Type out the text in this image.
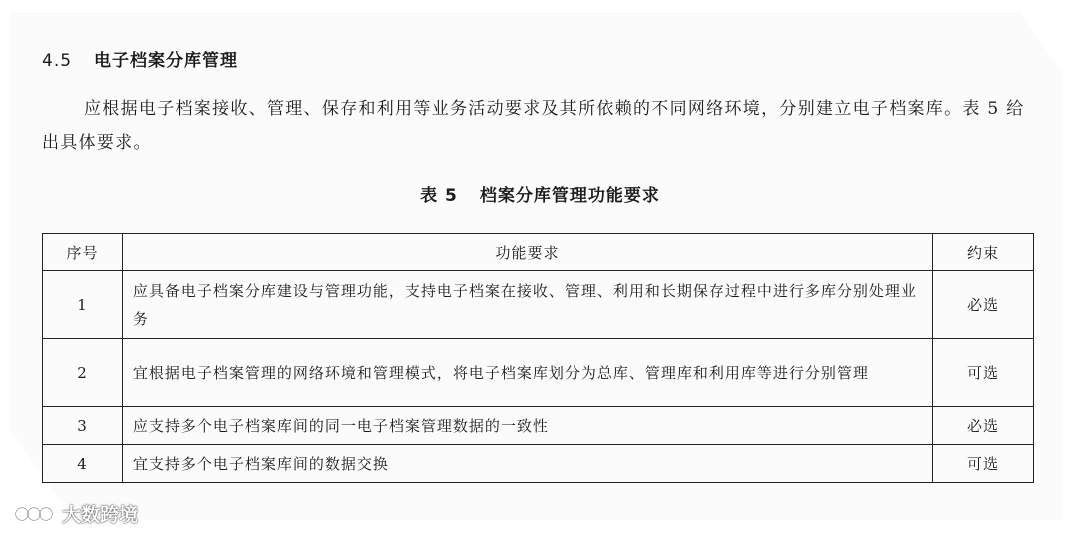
4.5 电子档案分库管理

应根据电子档案接收、管理、保存和利用等业务活动要求及其所依赖的不同网络环境，分别建立电子档案库。表 5 给出具体要求。

表 5 档案分库管理功能要求
序号	功能要求	约束
1	应具备电子档案分库建设与管理功能，支持电子档案在接收、管理、利用和长期保存过程中进行多库分别处理业务	必选
2	宜根据电子档案管理的网络环境和管理模式，将电子档案库划分为总库、管理库和利用库等进行分别管理	可选
3	应支持多个电子档案库间的同一电子档案管理数据的一致性	必选
4	宜支持多个电子档案库间的数据交换	可选
大数跨境
